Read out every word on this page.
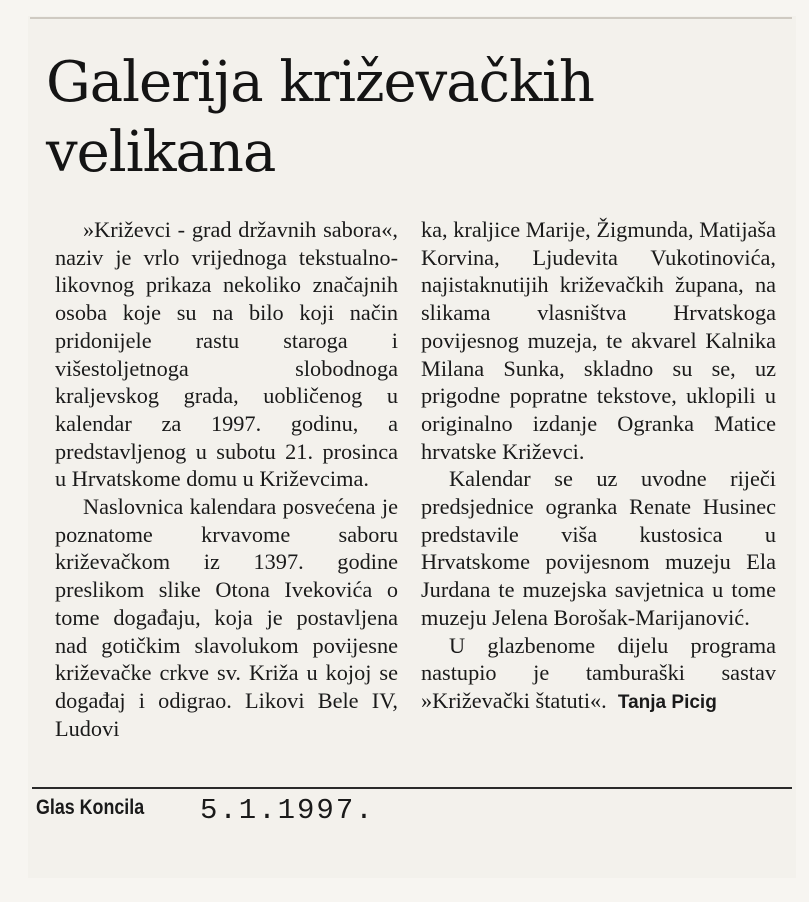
Galerija križevačkih velikana

»Križevci - grad državnih sabora«, naziv je vrlo vrijednoga tekstualno-likovnog prikaza nekoliko značajnih osoba koje su na bilo koji način pridonijele rastu staroga i višestoljetnoga slobodnoga kraljevskog grada, uobličenog u kalendar za 1997. godinu, a predstavljenog u subotu 21. prosinca u Hrvatskome domu u Križevcima.

Naslovnica kalendara posvećena je poznatome krvavome saboru križevačkom iz 1397. godine preslikom slike Otona Ivekovića o tome događaju, koja je postavljena nad gotičkim slavolukom povijesne križevačke crkve sv. Križa u kojoj se događaj i odigrao. Likovi Bele IV, Ludovi

ka, kraljice Marije, Žigmunda, Matijaša Korvina, Ljudevita Vukotinovića, najistaknutijih križevačkih župana, na slikama vlasništva Hrvatskoga povijesnog muzeja, te akvarel Kalnika Milana Sunka, skladno su se, uz prigodne popratne tekstove, uklopili u originalno izdanje Ogranka Matice hrvatske Križevci.

Kalendar se uz uvodne riječi predsjednice ogranka Renate Husinec predstavile viša kustosica u Hrvatskome povijesnom muzeju Ela Jurdana te muzejska savjetnica u tome muzeju Jelena Borošak-Marijanović.

U glazbenome dijelu programa nastupio je tamburaški sastav »Križevački štatuti«. Tanja Picig

Glas Koncila 5.1.1997.
